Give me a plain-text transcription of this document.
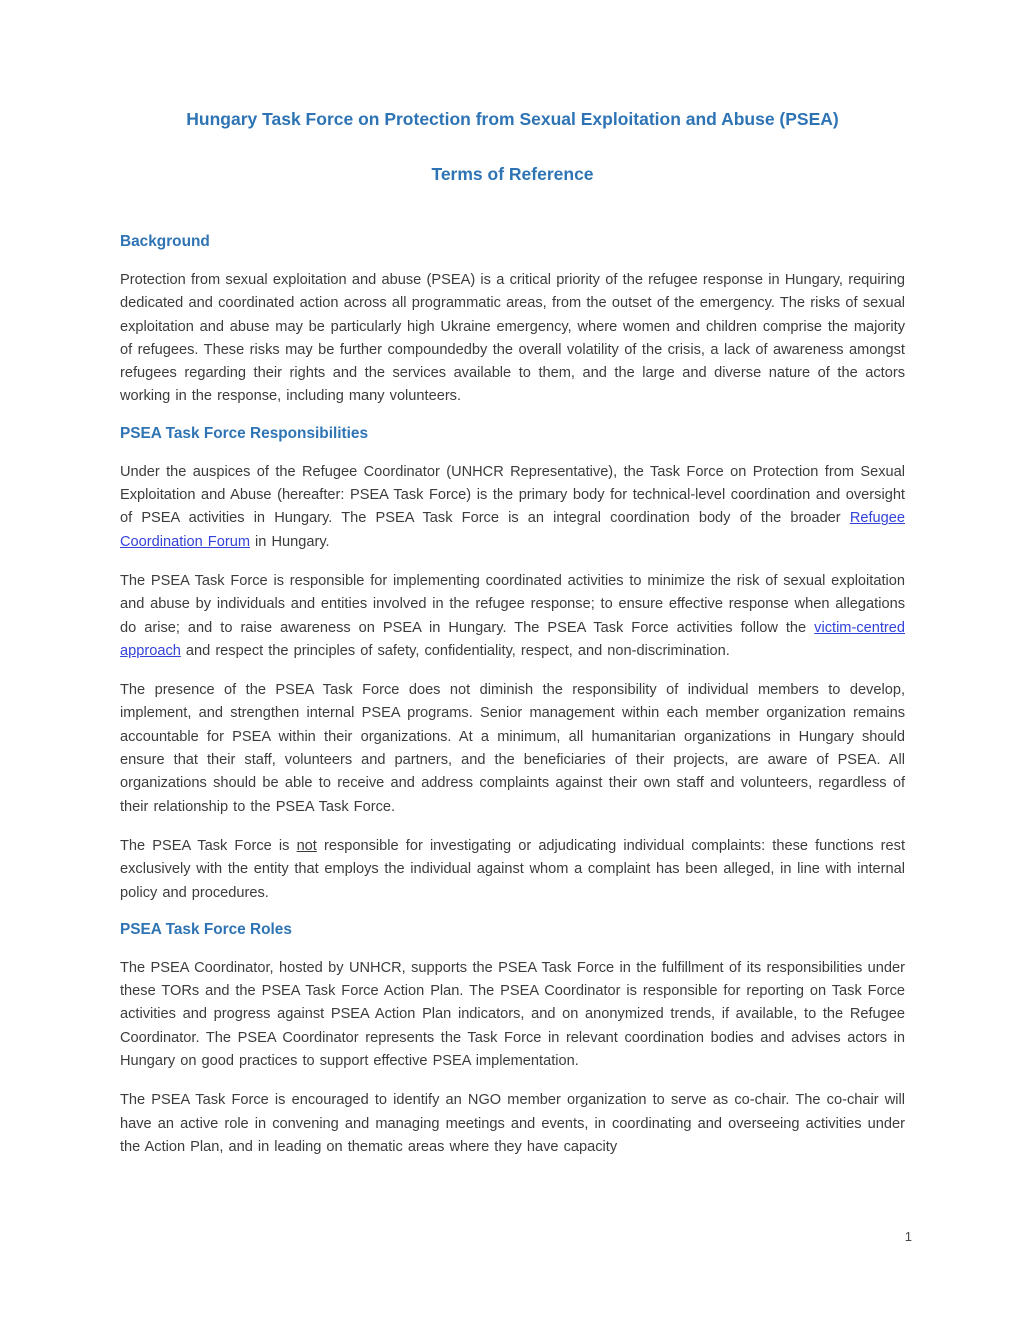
Hungary Task Force on Protection from Sexual Exploitation and Abuse (PSEA)
Terms of Reference
Background

Protection from sexual exploitation and abuse (PSEA) is a critical priority of the refugee response in Hungary, requiring dedicated and coordinated action across all programmatic areas, from the outset of the emergency. The risks of sexual exploitation and abuse may be particularly high Ukraine emergency, where women and children comprise the majority of refugees. These risks may be further compoundedby the overall volatility of the crisis, a lack of awareness amongst refugees regarding their rights and the services available to them, and the large and diverse nature of the actors working in the response, including many volunteers.

PSEA Task Force Responsibilities

Under the auspices of the Refugee Coordinator (UNHCR Representative), the Task Force on Protection from Sexual Exploitation and Abuse (hereafter: PSEA Task Force) is the primary body for technical-level coordination and oversight of PSEA activities in Hungary. The PSEA Task Force is an integral coordination body of the broader Refugee Coordination Forum in Hungary.

The PSEA Task Force is responsible for implementing coordinated activities to minimize the risk of sexual exploitation and abuse by individuals and entities involved in the refugee response; to ensure effective response when allegations do arise; and to raise awareness on PSEA in Hungary. The PSEA Task Force activities follow the victim-centred approach and respect the principles of safety, confidentiality, respect, and non-discrimination.

The presence of the PSEA Task Force does not diminish the responsibility of individual members to develop, implement, and strengthen internal PSEA programs. Senior management within each member organization remains accountable for PSEA within their organizations. At a minimum, all humanitarian organizations in Hungary should ensure that their staff, volunteers and partners, and the beneficiaries of their projects, are aware of PSEA. All organizations should be able to receive and address complaints against their own staff and volunteers, regardless of their relationship to the PSEA Task Force.

The PSEA Task Force is not responsible for investigating or adjudicating individual complaints: these functions rest exclusively with the entity that employs the individual against whom a complaint has been alleged, in line with internal policy and procedures.

PSEA Task Force Roles

The PSEA Coordinator, hosted by UNHCR, supports the PSEA Task Force in the fulfillment of its responsibilities under these TORs and the PSEA Task Force Action Plan. The PSEA Coordinator is responsible for reporting on Task Force activities and progress against PSEA Action Plan indicators, and on anonymized trends, if available, to the Refugee Coordinator. The PSEA Coordinator represents the Task Force in relevant coordination bodies and advises actors in Hungary on good practices to support effective PSEA implementation.

The PSEA Task Force is encouraged to identify an NGO member organization to serve as co-chair. The co-chair will have an active role in convening and managing meetings and events, in coordinating and overseeing activities under the Action Plan, and in leading on thematic areas where they have capacity

1
